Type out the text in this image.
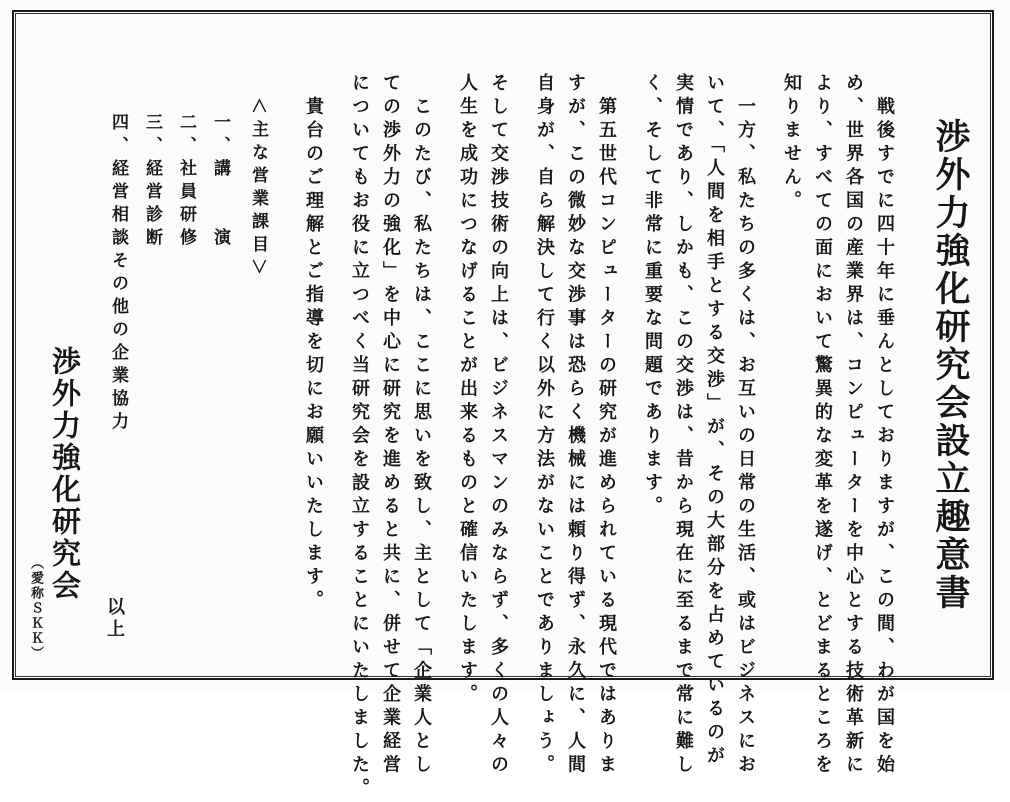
渉外力強化研究会設立趣意書
　戦後すでに四十年に垂んとしておりますが、この間、わが国を始
め、世界各国の産業界は、コンピューターを中心とする技術革新に
より、すべての面において驚異的な変革を遂げ、とどまるところを
知りません。
　一方、私たちの多くは、お互いの日常の生活、或はビジネスにお
いて、「人間を相手とする交渉」が、その大部分を占めているのが
実情であり、しかも、この交渉は、昔から現在に至るまで常に難し
く、そして非常に重要な問題であります。
　第五世代コンピューターの研究が進められている現代ではありま
すが、この微妙な交渉事は恐らく機械には頼り得ず、永久に、人間
自身が、自ら解決して行く以外に方法がないことでありましょう。
そして交渉技術の向上は、ビジネスマンのみならず、多くの人々の
人生を成功につなげることが出来るものと確信いたします。
　このたび、私たちは、ここに思いを致し、主として「企業人とし
ての渉外力の強化」を中心に研究を進めると共に、併せて企業経営
についてもお役に立つべく当研究会を設立することにいたしました。
　貴台のご理解とご指導を切にお願いいたします。
＜主な営業課目＞
一、講　　演
二、社員研修
三、経営診断
四、経営相談その他の企業協力
以上
渉外力強化研究会
（愛称ＳＫＫ）
